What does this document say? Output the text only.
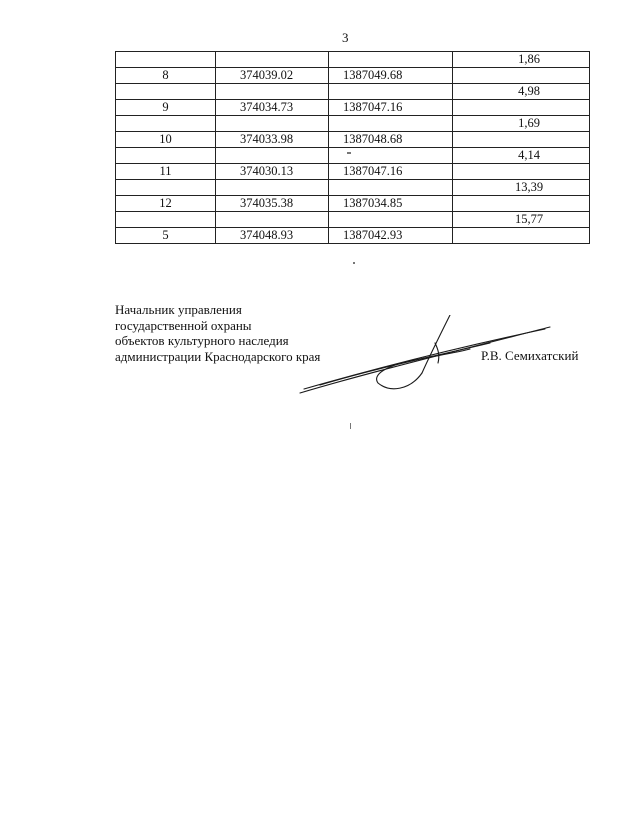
3
			1,86
8	374039.02	1387049.68	
			4,98
9	374034.73	1387047.16	
			1,69
10	374033.98	1387048.68	
			4,14
11	374030.13	1387047.16	
			13,39
12	374035.38	1387034.85	
			15,77
5	374048.93	1387042.93	
Начальник управления
государственной охраны
объектов культурного наследия
администрации Краснодарского края	Р.В. Семихатский
